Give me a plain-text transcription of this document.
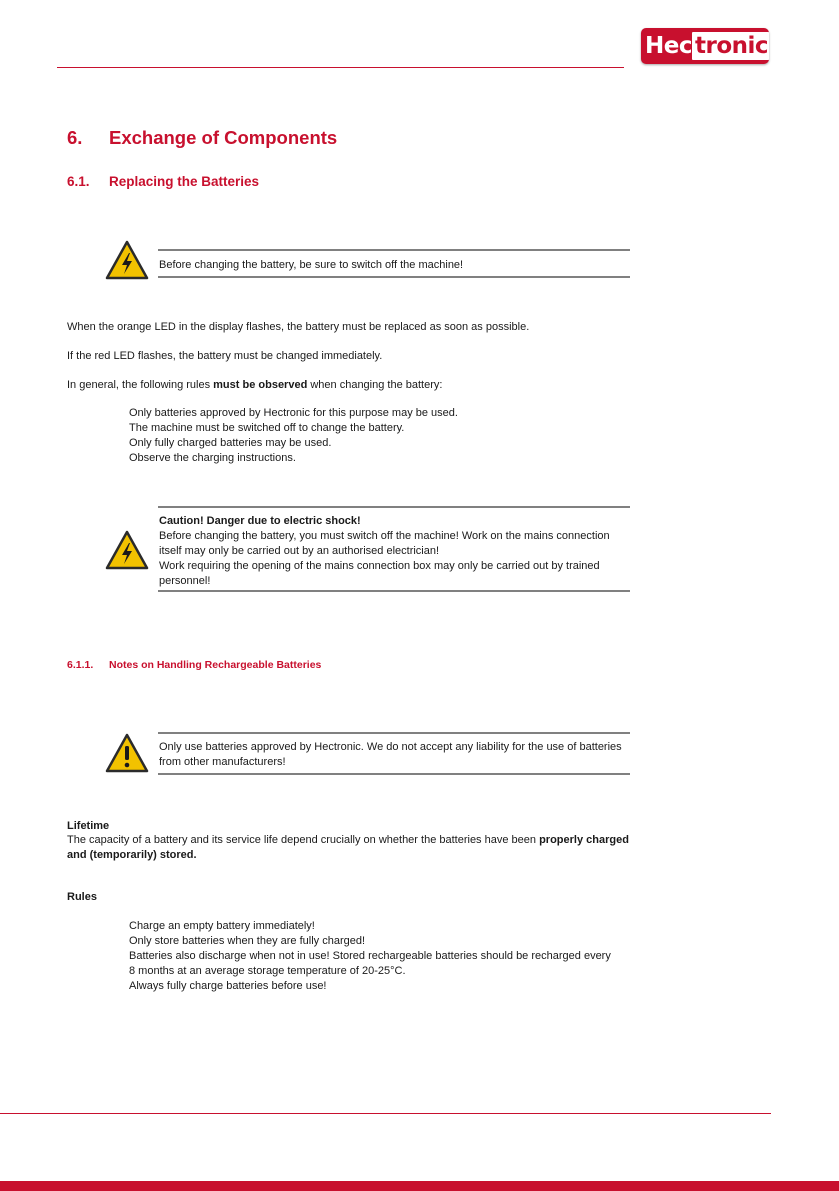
Hec tronic
6. Exchange of Components
6.1. Replacing the Batteries
Before changing the battery, be sure to switch off the machine!
When the orange LED in the display flashes, the battery must be replaced as soon as possible.
If the red LED flashes, the battery must be changed immediately.
In general, the following rules must be observed when changing the battery:
Only batteries approved by Hectronic for this purpose may be used.
The machine must be switched off to change the battery.
Only fully charged batteries may be used.
Observe the charging instructions.
Caution! Danger due to electric shock!
Before changing the battery, you must switch off the machine! Work on the mains connection
itself may only be carried out by an authorised electrician!
Work requiring the opening of the mains connection box may only be carried out by trained
personnel!
6.1.1. Notes on Handling Rechargeable Batteries
Only use batteries approved by Hectronic. We do not accept any liability for the use of batteries
from other manufacturers!
Lifetime
The capacity of a battery and its service life depend crucially on whether the batteries have been properly charged
and (temporarily) stored.
Rules
Charge an empty battery immediately!
Only store batteries when they are fully charged!
Batteries also discharge when not in use! Stored rechargeable batteries should be recharged every
8 months at an average storage temperature of 20-25°C.
Always fully charge batteries before use!
